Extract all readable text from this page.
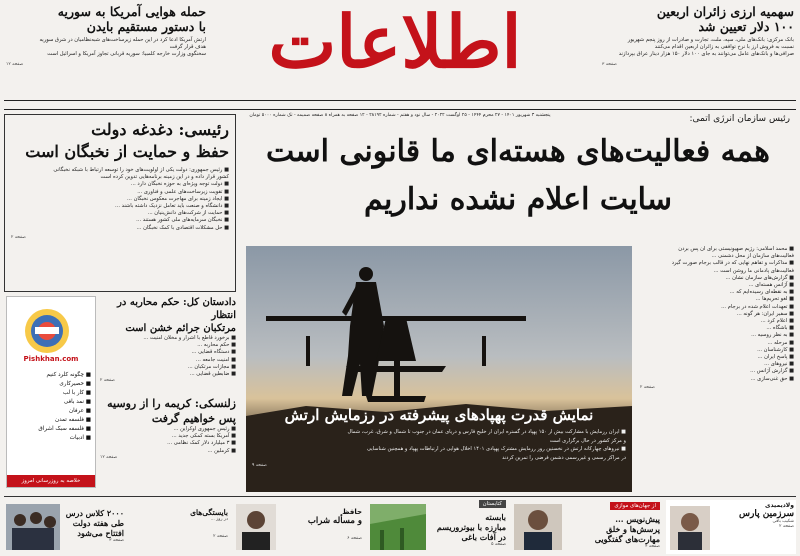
سهمیه ارزی زائران اربعین
۱۰۰ دلار تعیین شد
بانک مرکزی: بانک‌های ملی، سپه، ملت، تجارت و صادرات از روز پنجم شهریور
نسبت به فروش ارز با نرخ توافقی به زائران اربعین اقدام می‌کنند
صرافی‌ها و بانک‌های عامل می‌توانند به جای ۱۰۰ دلار ۱۵۰ هزار دینار عراق بپردازند
صفحه ۳
اطلاعات
حمله هوایی آمریکا به سوریه
با دستور مستقیم بایدن
ارتش آمریکا ادعا کرد در این حمله زیرساخت‌های شبه‌نظامیان در شرق سوریه
هدف قرار گرفت
سخنگوی وزارت خارجه کلمبیا: سوریه قربانی تجاوز آمریکا و اسرائیل است
صفحه ۱۲
پنجشنبه ۳ شهریور ۱۴۰۱ - ۲۷ محرم ۱۴۴۴ - ۲۵ اوگست ۲۰۲۲ - سال نود و هفتم - شماره ۲۸۱۹۲ - ۱۲ صفحه به همراه ۸ صفحه ضمیمه - تک شماره ۵۰۰۰ تومان	رئیس سازمان انرژی اتمی:
همه فعالیت‌های هسته‌ای ما قانونی است
سایت اعلام نشده نداریم
نمایش قدرت پهپادهای پیشرفته در رزمایش ارتش
■ ایران رزمایش با مشارکت بیش از ۱۵۰ پهپاد در گستره ایران از خلیج فارس و دریای عمان در جنوب تا شمال و شرق، غرب، شمال
و مرکز کشور در حال برگزاری است
■ نیروهای چهارکانه ارتش در نخستین روز رزمایش مشترک پهپادی ۱۴۰۱ اخلال هوایی در ارتباطات پهپاد و همچنین شناسایی
در مراکز رسمی و غیررسمی دشمن فرضی را تمرین کردند
صفحه ۹
■ محمد اسلامی: رژیم صهیونیستی برای آن پس بردن
فعالیت‌های سازمان از محل دشمنی ...
■ مذاکرات و تفاهم نهایی که در قالب برجام صورت گیرد
فعالیت‌های پادمانی ما روشن است ...
■ گزارش‌های سازمان نشان ...
■ آژانس هسته‌ای ...
■ به نقطه‌ای رسیده‌ایم که ...
■ لغو تحریم‌ها ...
■ تعهدات اعلام شده در برجام ...
■ سفیر ایران: هر گونه ...
■ اعلام کرد ...
■ باشگاه ...
■ به نظر روسیه ...
■ مرحله ...
■ کارشناسان ...
■ پاسخ ایران ...
■ نیروهای ...
■ گزارش آژانس ...
■ حق غنی‌سازی ...
صفحه ۲
رئیسی: دغدغه دولت
حفظ و حمایت از نخبگان است
■ رئیس جمهوری: دولت یکی از اولویت‌های خود را توسعه ارتباط با شبکه نخبگانی
کشور قرار داده و در این زمینه برنامه‌هایی تدوین کرده است
■ دولت توجه ویژه‌ای به حوزه نخبگان دارد ...
■ تقویت زیرساخت‌های علمی و فناوری ...
■ ایجاد زمینه برای مهاجرت معکوس نخبگان ...
■ دانشگاه و صنعت باید تعامل نزدیک داشته باشند ...
■ حمایت از شرکت‌های دانش‌بنیان ...
■ نخبگان سرمایه‌های ملی کشور هستند ...
■ حل مشکلات اقتصادی با کمک نخبگان ...
صفحه ۲
دادستان کل: حکم محاربه در انتظار
مرتکبان جرائم خشن است
■ برخورد قاطع با اشرار و مخلان امنیت ...
■ حکم محاربه ...
■ دستگاه قضایی ...
■ امنیت جامعه ...
■ مجازات مرتکبان ...
■ ضابطین قضایی ...
صفحه ۲
Pishkhan.com
■ چگونه کلرد کنیم
■ حصیرکاری
■ کار با لب
■ نمد بافی
■ عرفان
■ فلسفه تمدن
■ فلسفه سبک اشراق
■ ادبیات
خلاصه به روزرسانی امروز
زلنسکی: کریمه را از روسیه
پس خواهیم گرفت
■ رئیس جمهوری اوکراین ...
■ آمریکا بسته کمکی جدید ...
■ ۳ میلیارد دلار کمک نظامی ...
■ کرملین ...
صفحه ۱۲
ولادیمیدی
سرزمین پارس
شکیب باقی
صفحه ۲
از جهان‌های موازی
پیش‌نویس ...
پرسش‌ها و خلق
مهارت‌های گفتگویی
صفحه ۴
کتابستان
بابسته
مبارزه با بیوتروریسم
در آفات باغی
صفحه ۵
حافظ
و مسأله شراب
صفحه ۶
بایستگی‌های
در روز ...
صفحه ۲
۲۰۰۰ کلاس درس
طی هفته دولت
افتتاح می‌شود
صفحه ۳
